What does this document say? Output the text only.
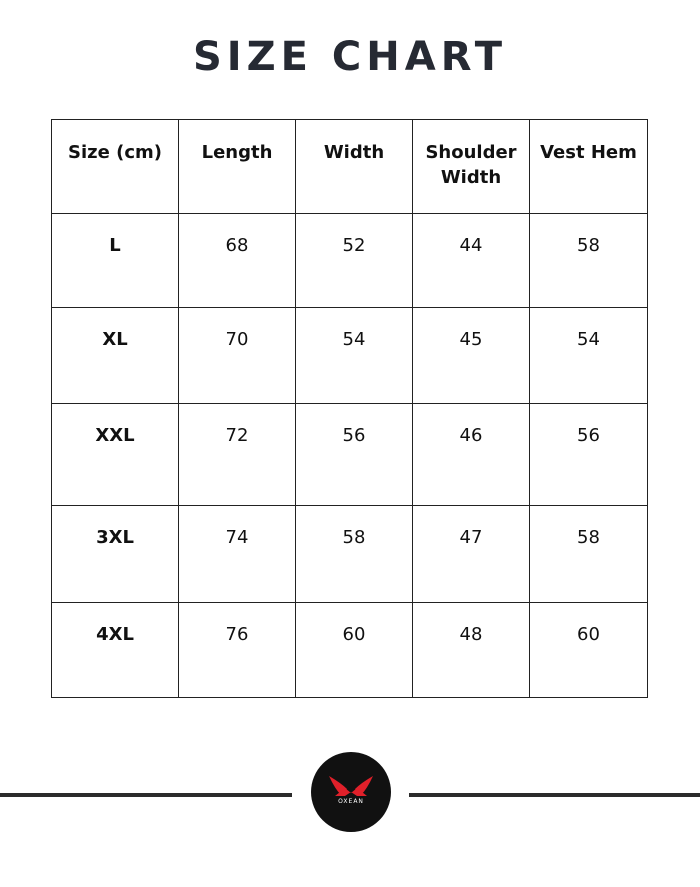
SIZE CHART
Size (cm)	Length	Width	Shoulder Width	Vest Hem
L	68	52	44	58
XL	70	54	45	54
XXL	72	56	46	56
3XL	74	58	47	58
4XL	76	60	48	60
OXEAN
